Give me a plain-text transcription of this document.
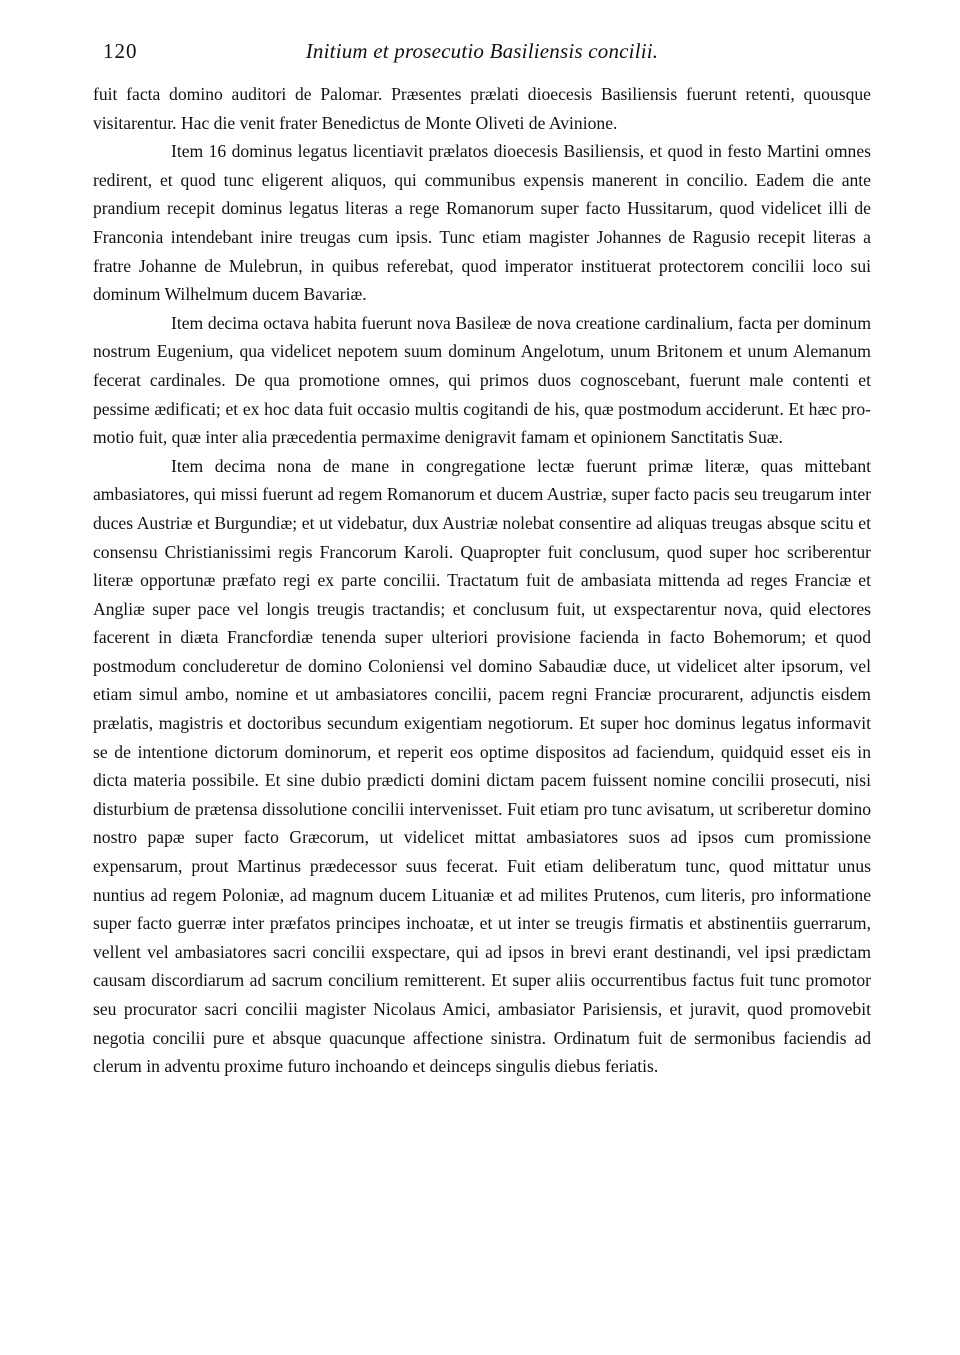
120	Initium et prosecutio Basiliensis concilii.

fuit facta domino auditori de Palomar. Præsentes prælati dioecesis Basiliensis fuerunt retenti, quousque visitarentur. Hac die venit frater Benedictus de Monte Oliveti de Avinione.

Item 16 dominus legatus licentiavit prælatos dioecesis Basiliensis, et quod in festo Martini omnes redirent, et quod tunc eligerent aliquos, qui communibus expensis manerent in concilio. Eadem die ante prandium recepit dominus legatus literas a rege Romanorum super facto Hussitarum, quod videlicet illi de Franconia intendebant inire treugas cum ipsis. Tunc etiam magister Johannes de Ragusio recepit literas a fratre Johanne de Mulebrun, in quibus referebat, quod imperator instituerat protectorem concilii loco sui dominum Wilhelmum ducem Bavariæ.

Item decima octava habita fuerunt nova Basileæ de nova creatione cardinalium, facta per dominum nostrum Eugenium, qua videlicet nepotem suum dominum Angelotum, unum Britonem et unum Alemanum fecerat cardinales. De qua promotione omnes, qui primos duos cognoscebant, fuerunt male contenti et pessime ædificati; et ex hoc data fuit occasio multis cogitandi de his, quæ postmodum acciderunt. Et hæc promotio fuit, quæ inter alia præcedentia permaxime denigravit famam et opinionem Sanctitatis Suæ.

Item decima nona de mane in congregatione lectæ fuerunt primæ literæ, quas mittebant ambasiatores, qui missi fuerunt ad regem Romanorum et ducem Austriæ, super facto pacis seu treugarum inter duces Austriæ et Burgundiæ; et ut videbatur, dux Austriæ nolebat consentire ad aliquas treugas absque scitu et consensu Christianissimi regis Francorum Karoli. Quapropter fuit conclusum, quod super hoc scriberentur literæ opportunæ præfato regi ex parte concilii. Tractatum fuit de ambasiata mittenda ad reges Franciæ et Angliæ super pace vel longis treugis tractandis; et conclusum fuit, ut exspectarentur nova, quid electores facerent in diæta Francfordiæ tenenda super ulteriori provisione facienda in facto Bohemorum; et quod postmodum concluderetur de domino Coloniensi vel domino Sabaudiæ duce, ut videlicet alter ipsorum, vel etiam simul ambo, nomine et ut ambasiatores concilii, pacem regni Franciæ procurarent, adjunctis eisdem prælatis, magistris et doctoribus secundum exigentiam negotiorum. Et super hoc dominus legatus informavit se de intentione dictorum dominorum, et reperit eos optime dispositos ad faciendum, quidquid esset eis in dicta materia possibile. Et sine dubio prædicti domini dictam pacem fuissent nomine concilii prosecuti, nisi disturbium de prætensa dissolutione concilii intervenisset. Fuit etiam pro tunc avisatum, ut scriberetur domino nostro papæ super facto Græcorum, ut videlicet mittat ambasiatores suos ad ipsos cum promissione expensarum, prout Martinus prædecessor suus fecerat. Fuit etiam deliberatum tunc, quod mittatur unus nuntius ad regem Poloniæ, ad magnum ducem Lituaniæ et ad milites Prutenos, cum literis, pro informatione super facto guerræ inter præfatos principes inchoatæ, et ut inter se treugis firmatis et abstinentiis guerrarum, vellent vel ambasiatores sacri concilii exspectare, qui ad ipsos in brevi erant destinandi, vel ipsi prædictam causam discordiarum ad sacrum concilium remitterent. Et super aliis occurrentibus factus fuit tunc promotor seu procurator sacri concilii magister Nicolaus Amici, ambasiator Parisiensis, et juravit, quod promovebit negotia concilii pure et absque quacunque affectione sinistra. Ordinatum fuit de sermonibus faciendis ad clerum in adventu proxime futuro inchoando et deinceps singulis diebus feriatis.
